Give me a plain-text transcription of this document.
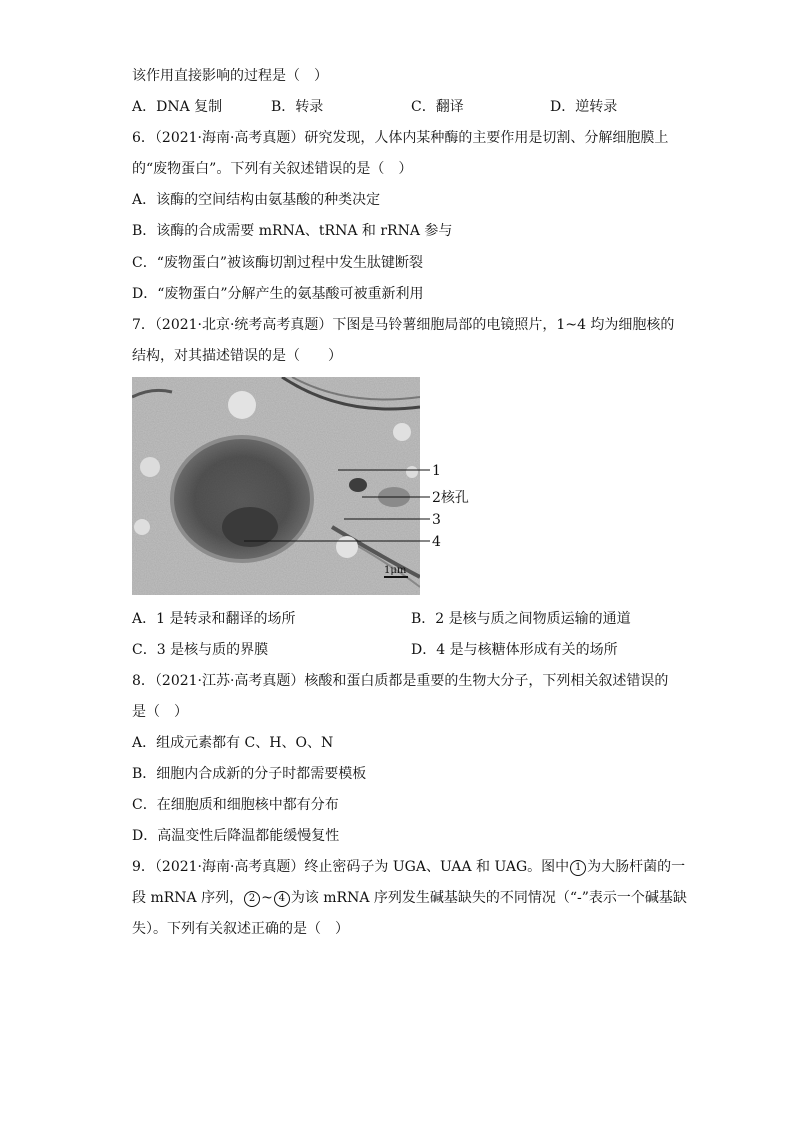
该作用直接影响的过程是（　）
A．DNA 复制	B．转录	C．翻译	D．逆转录
6．（2021·海南·高考真题）研究发现，人体内某种酶的主要作用是切割、分解细胞膜上
的“废物蛋白”。下列有关叙述错误的是（　）
A．该酶的空间结构由氨基酸的种类决定
B．该酶的合成需要 mRNA、tRNA 和 rRNA 参与
C．“废物蛋白”被该酶切割过程中发生肽键断裂
D．“废物蛋白”分解产生的氨基酸可被重新利用
7．（2021·北京·统考高考真题）下图是马铃薯细胞局部的电镜照片，1~4 均为细胞核的
结构，对其描述错误的是（　　）
1μm
1
2核孔
3
4
A．1 是转录和翻译的场所	B．2 是核与质之间物质运输的通道
C．3 是核与质的界膜	D．4 是与核糖体形成有关的场所
8．（2021·江苏·高考真题）核酸和蛋白质都是重要的生物大分子，下列相关叙述错误的
是（　）
A．组成元素都有 C、H、O、N
B．细胞内合成新的分子时都需要模板
C．在细胞质和细胞核中都有分布
D．高温变性后降温都能缓慢复性
9．（2021·海南·高考真题）终止密码子为 UGA、UAA 和 UAG。图中 1 为大肠杆菌的一
段 mRNA 序列， 2 ~ 4 为该 mRNA 序列发生碱基缺失的不同情况（“-”表示一个碱基缺
失）。下列有关叙述正确的是（　）
